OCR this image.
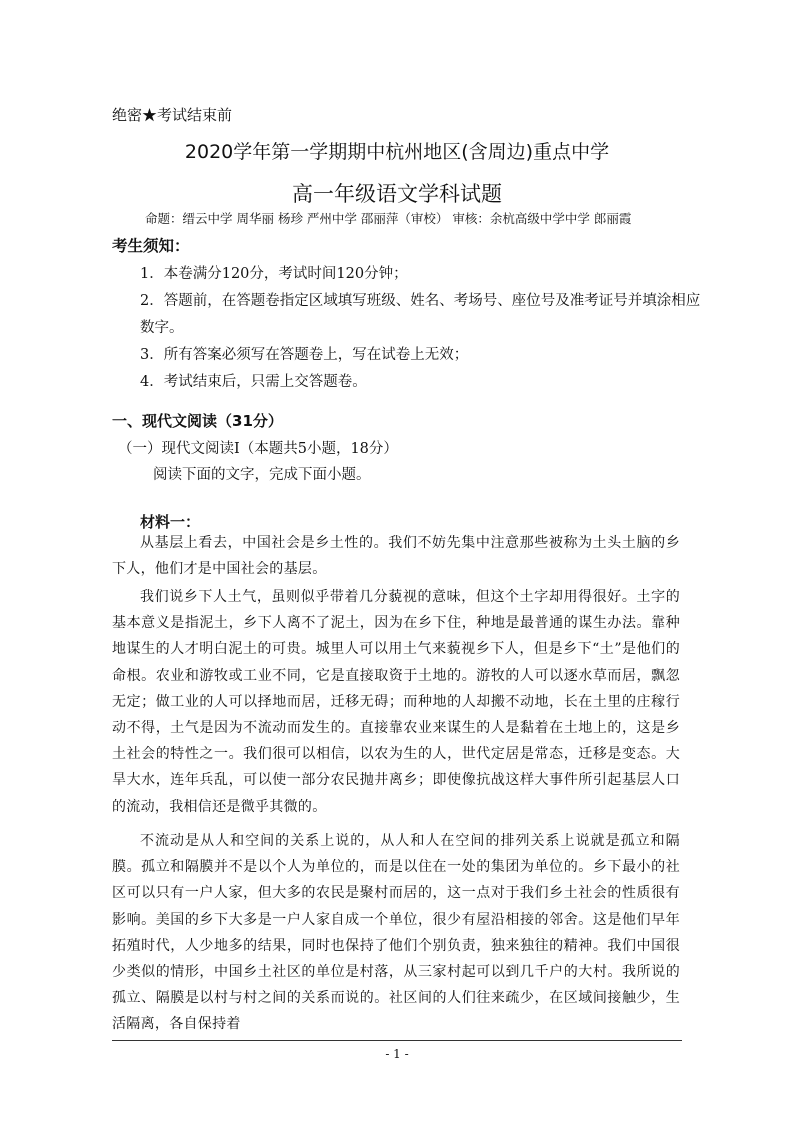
绝密★考试结束前
2020学年第一学期期中杭州地区(含周边)重点中学
高一年级语文学科试题
命题：缙云中学 周华丽 杨珍 严州中学 邵丽萍（审校） 审核：余杭高级中学中学 郎丽霞
考生须知：
1．本卷满分120分，考试时间120分钟；
2．答题前，在答题卷指定区域填写班级、姓名、考场号、座位号及准考证号并填涂相应
数字。
3．所有答案必须写在答题卷上，写在试卷上无效；
4．考试结束后，只需上交答题卷。
一、现代文阅读（31分）
（一）现代文阅读Ⅰ（本题共5小题，18分）
阅读下面的文字，完成下面小题。
材料一：
从基层上看去，中国社会是乡土性的。我们不妨先集中注意那些被称为土头土脑的乡下人，他们才是中国社会的基层。
我们说乡下人土气，虽则似乎带着几分藐视的意味，但这个土字却用得很好。土字的基本意义是指泥土，乡下人离不了泥土，因为在乡下住，种地是最普通的谋生办法。靠种地谋生的人才明白泥土的可贵。城里人可以用土气来藐视乡下人，但是乡下“土”是他们的命根。农业和游牧或工业不同，它是直接取资于土地的。游牧的人可以逐水草而居，飘忽无定；做工业的人可以择地而居，迁移无碍；而种地的人却搬不动地，长在土里的庄稼行动不得，土气是因为不流动而发生的。直接靠农业来谋生的人是黏着在土地上的，这是乡土社会的特性之一。我们很可以相信，以农为生的人，世代定居是常态，迁移是变态。大旱大水，连年兵乱，可以使一部分农民抛井离乡；即使像抗战这样大事件所引起基层人口的流动，我相信还是微乎其微的。
不流动是从人和空间的关系上说的，从人和人在空间的排列关系上说就是孤立和隔膜。孤立和隔膜并不是以个人为单位的，而是以住在一处的集团为单位的。乡下最小的社区可以只有一户人家，但大多的农民是聚村而居的，这一点对于我们乡土社会的性质很有影响。美国的乡下大多是一户人家自成一个单位，很少有屋沿相接的邻舍。这是他们早年拓殖时代，人少地多的结果，同时也保持了他们个别负责，独来独往的精神。我们中国很少类似的情形，中国乡土社区的单位是村落，从三家村起可以到几千户的大村。我所说的孤立、隔膜是以村与村之间的关系而说的。社区间的人们往来疏少，在区域间接触少，生活隔离，各自保持着
- 1 -
